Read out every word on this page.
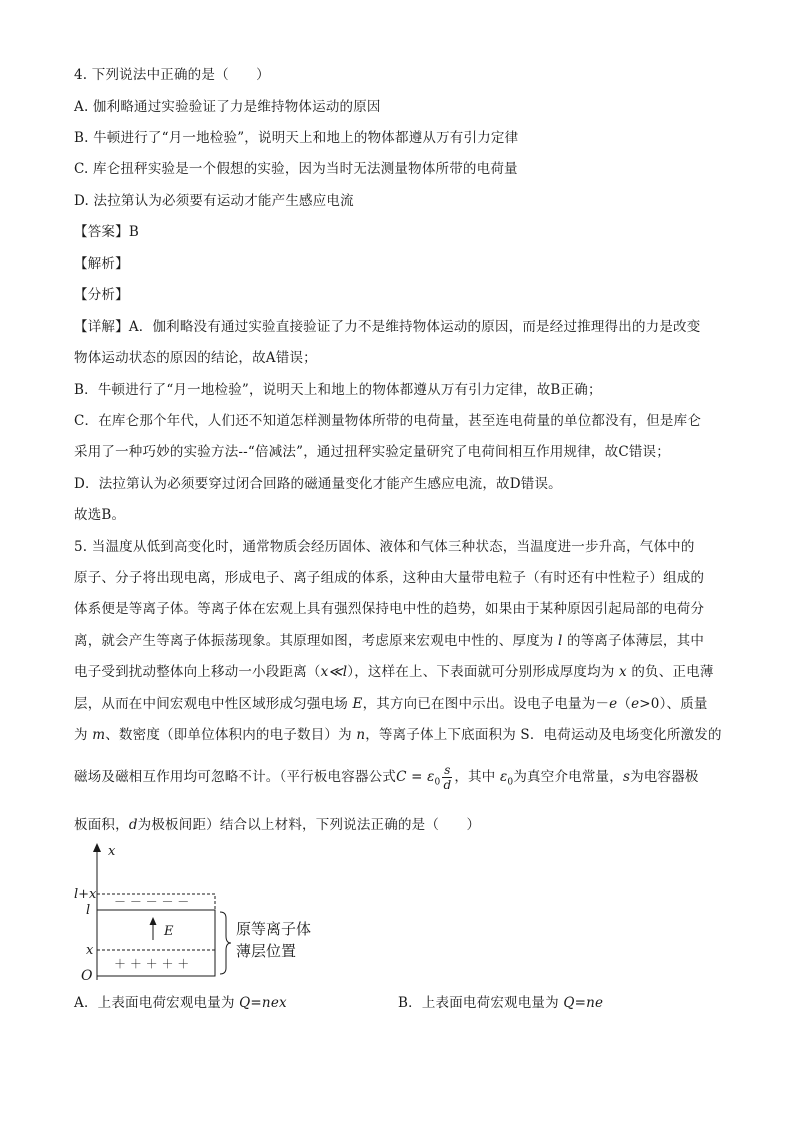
4. 下列说法中正确的是（　　）
A. 伽利略通过实验验证了力是维持物体运动的原因
B. 牛顿进行了“月一地检验”，说明天上和地上的物体都遵从万有引力定律
C. 库仑扭秤实验是一个假想的实验，因为当时无法测量物体所带的电荷量
D. 法拉第认为必须要有运动才能产生感应电流
【答案】B
【解析】
【分析】
【详解】A．伽利略没有通过实验直接验证了力不是维持物体运动的原因，而是经过推理得出的力是改变
物体运动状态的原因的结论，故A错误；
B．牛顿进行了“月一地检验”，说明天上和地上的物体都遵从万有引力定律，故B正确；
C．在库仑那个年代，人们还不知道怎样测量物体所带的电荷量，甚至连电荷量的单位都没有，但是库仑
采用了一种巧妙的实验方法--“倍减法”，通过扭秤实验定量研究了电荷间相互作用规律，故C错误；
D．法拉第认为必须要穿过闭合回路的磁通量变化才能产生感应电流，故D错误。
故选B。
5. 当温度从低到高变化时，通常物质会经历固体、液体和气体三种状态，当温度进一步升高，气体中的
原子、分子将出现电离，形成电子、离子组成的体系，这种由大量带电粒子（有时还有中性粒子）组成的
体系便是等离子体。等离子体在宏观上具有强烈保持电中性的趋势，如果由于某种原因引起局部的电荷分
离，就会产生等离子体振荡现象。其原理如图，考虑原来宏观电中性的、厚度为 l 的等离子体薄层，其中
电子受到扰动整体向上移动一小段距离（x≪l），这样在上、下表面就可分别形成厚度均为 x 的负、正电薄
层，从而在中间宏观电中性区域形成匀强电场 E，其方向已在图中示出。设电子电量为－e（e>0）、质量
为 m、数密度（即单位体积内的电子数目）为 n，等离子体上下底面积为 S．电荷运动及电场变化所激发的
磁场及磁相互作用均可忽略不计。（平行板电容器公式$C = \varepsilon_0 \frac{s}{d}$ ，其中 $\varepsilon_0$为真空介电常量，s为电容器极
板面积，d为极板间距）结合以上材料，下列说法正确的是（　　）
x
－ － － － －
＋ ＋ ＋ ＋ ＋
E
l+x
l
x
O
原等离子体
薄层位置
A．上表面电荷宏观电量为 Q=nex	B．上表面电荷宏观电量为 Q=ne
